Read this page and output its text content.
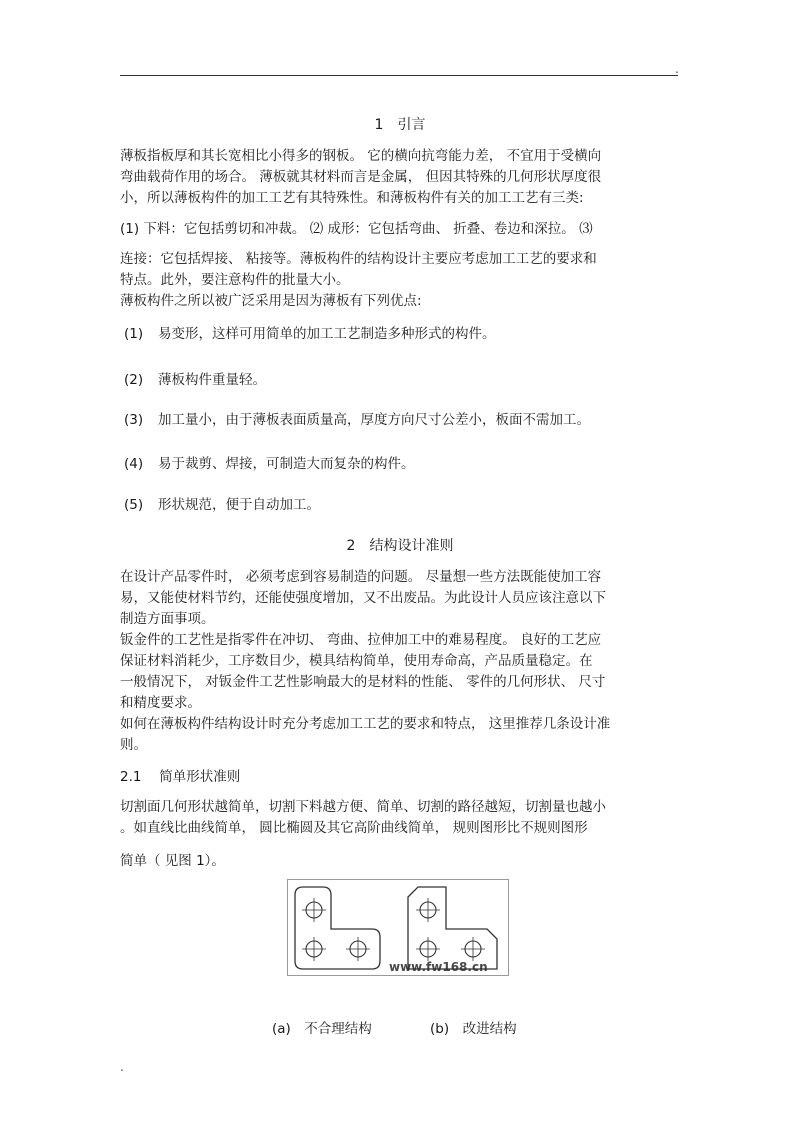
.
1　引言
薄板指板厚和其长宽相比小得多的钢板。 它的横向抗弯能力差， 不宜用于受横向
弯曲载荷作用的场合。 薄板就其材料而言是金属， 但因其特殊的几何形状厚度很
小，所以薄板构件的加工工艺有其特殊性。和薄板构件有关的加工工艺有三类:
(1) 下料：它包括剪切和冲裁。 ⑵ 成形：它包括弯曲、 折叠、卷边和深拉。 ⑶
连接：它包括焊接、 粘接等。薄板构件的结构设计主要应考虑加工工艺的要求和
特点。此外，要注意构件的批量大小。
薄板构件之所以被广泛采用是因为薄板有下列优点:
(1) 易变形，这样可用简单的加工工艺制造多种形式的构件。
(2) 薄板构件重量轻。
(3) 加工量小，由于薄板表面质量高，厚度方向尺寸公差小，板面不需加工。
(4) 易于裁剪、焊接，可制造大而复杂的构件。
(5) 形状规范，便于自动加工。
2　结构设计准则
在设计产品零件时， 必须考虑到容易制造的问题。 尽量想一些方法既能使加工容
易，又能使材料节约，还能使强度增加，又不出废品。为此设计人员应该注意以下
制造方面事项。
钣金件的工艺性是指零件在冲切、 弯曲、拉伸加工中的难易程度。 良好的工艺应
保证材料消耗少，工序数目少，模具结构简单，使用寿命高，产品质量稳定。在
一般情况下， 对钣金件工艺性影响最大的是材料的性能、 零件的几何形状、 尺寸
和精度要求。
如何在薄板构件结构设计时充分考虑加工工艺的要求和特点， 这里推荐几条设计准
则。
2.1　 简单形状准则
切割面几何形状越简单，切割下料越方便、简单、切割的路径越短，切割量也越小
。如直线比曲线简单， 圆比椭圆及其它高阶曲线简单， 规则图形比不规则图形
简单（ 见图 1）。
www.fw168.cn
(a)　不合理结构	(b)　改进结构
.
